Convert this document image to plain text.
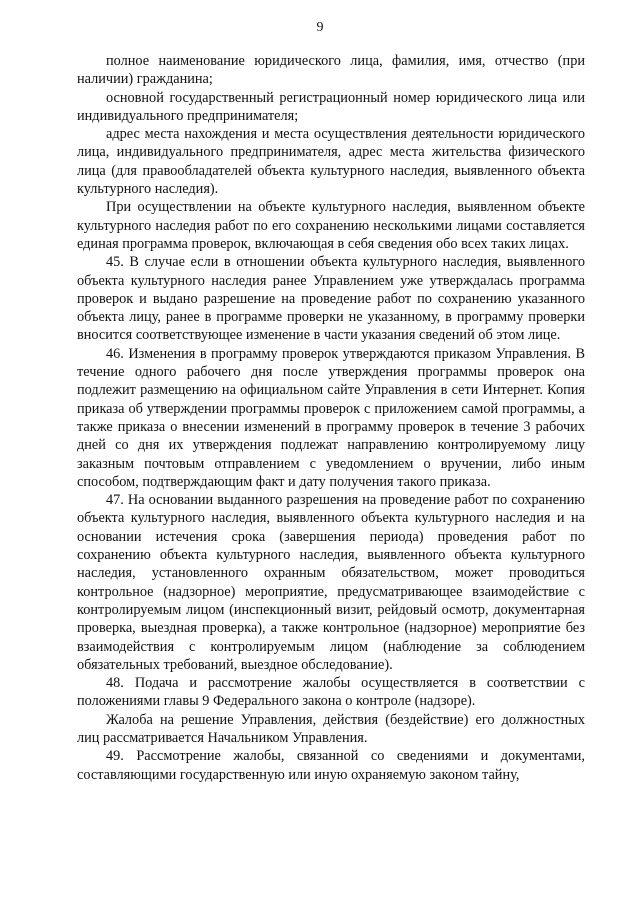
9

полное наименование юридического лица, фамилия, имя, отчество (при наличии) гражданина;

основной государственный регистрационный номер юридического лица или индивидуального предпринимателя;

адрес места нахождения и места осуществления деятельности юридического лица, индивидуального предпринимателя, адрес места жительства физического лица (для правообладателей объекта культурного наследия, выявленного объекта культурного наследия).

При осуществлении на объекте культурного наследия, выявленном объекте культурного наследия работ по его сохранению несколькими лицами составляется единая программа проверок, включающая в себя сведения обо всех таких лицах.

45. В случае если в отношении объекта культурного наследия, выявленного объекта культурного наследия ранее Управлением уже утверждалась программа проверок и выдано разрешение на проведение работ по сохранению указанного объекта лицу, ранее в программе проверки не указанному, в программу проверки вносится соответствующее изменение в части указания сведений об этом лице.

46. Изменения в программу проверок утверждаются приказом Управления. В течение одного рабочего дня после утверждения программы проверок она подлежит размещению на официальном сайте Управления в сети Интернет. Копия приказа об утверждении программы проверок с приложением самой программы, а также приказа о внесении изменений в программу проверок в течение 3 рабочих дней со дня их утверждения подлежат направлению контролируемому лицу заказным почтовым отправлением с уведомлением о вручении, либо иным способом, подтверждающим факт и дату получения такого приказа.

47. На основании выданного разрешения на проведение работ по сохранению объекта культурного наследия, выявленного объекта культурного наследия и на основании истечения срока (завершения периода) проведения работ по сохранению объекта культурного наследия, выявленного объекта культурного наследия, установленного охранным обязательством, может проводиться контрольное (надзорное) мероприятие, предусматривающее взаимодействие с контролируемым лицом (инспекционный визит, рейдовый осмотр, документарная проверка, выездная проверка), а также контрольное (надзорное) мероприятие без взаимодействия с контролируемым лицом (наблюдение за соблюдением обязательных требований, выездное обследование).

48. Подача и рассмотрение жалобы осуществляется в соответствии с положениями главы 9 Федерального закона о контроле (надзоре).

Жалоба на решение Управления, действия (бездействие) его должностных лиц рассматривается Начальником Управления.

49. Рассмотрение жалобы, связанной со сведениями и документами, составляющими государственную или иную охраняемую законом тайну,
